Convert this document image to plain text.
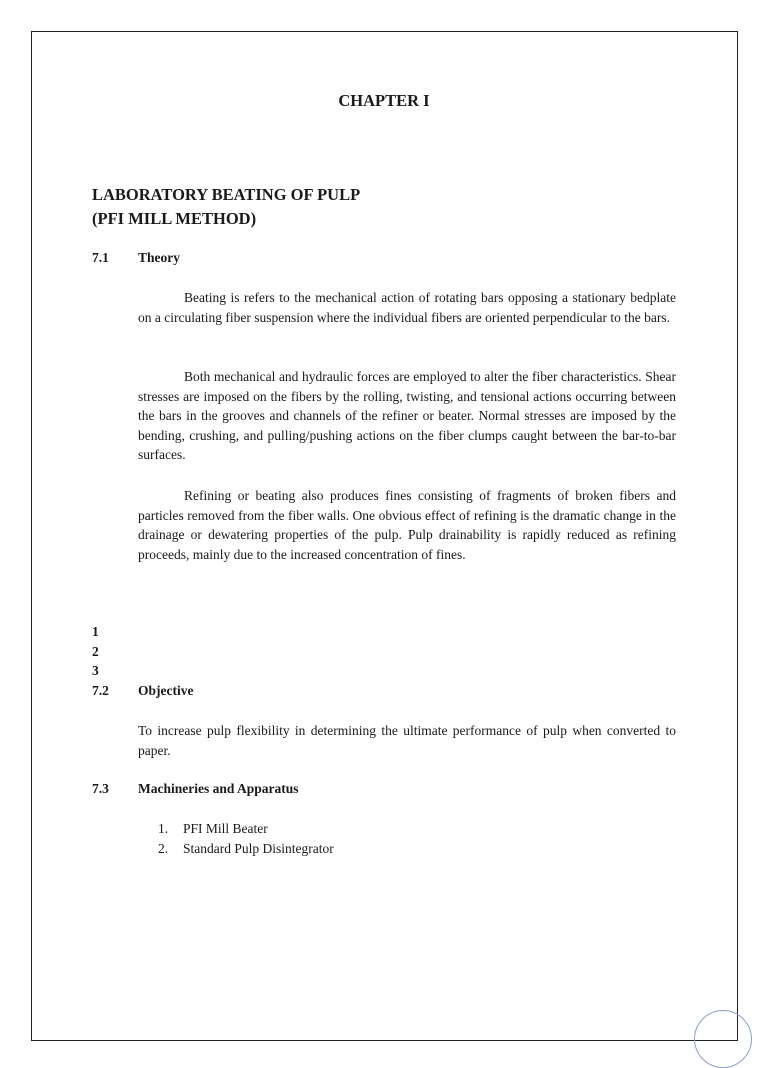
CHAPTER I
LABORATORY BEATING OF PULP
(PFI MILL METHOD)
7.1 Theory
Beating is refers to the mechanical action of rotating bars opposing a stationary bedplate on a circulating fiber suspension where the individual fibers are oriented perpendicular to the bars.
Both mechanical and hydraulic forces are employed to alter the fiber characteristics. Shear stresses are imposed on the fibers by the rolling, twisting, and tensional actions occurring between the bars in the grooves and channels of the refiner or beater. Normal stresses are imposed by the bending, crushing, and pulling/pushing actions on the fiber clumps caught between the bar-to-bar surfaces.
Refining or beating also produces fines consisting of fragments of broken fibers and particles removed from the fiber walls. One obvious effect of refining is the dramatic change in the drainage or dewatering properties of the pulp. Pulp drainability is rapidly reduced as refining proceeds, mainly due to the increased concentration of fines.
1
2
3
7.2 Objective
To increase pulp flexibility in determining the ultimate performance of pulp when converted to paper.
7.3 Machineries and Apparatus
1. PFI Mill Beater
2. Standard Pulp Disintegrator
